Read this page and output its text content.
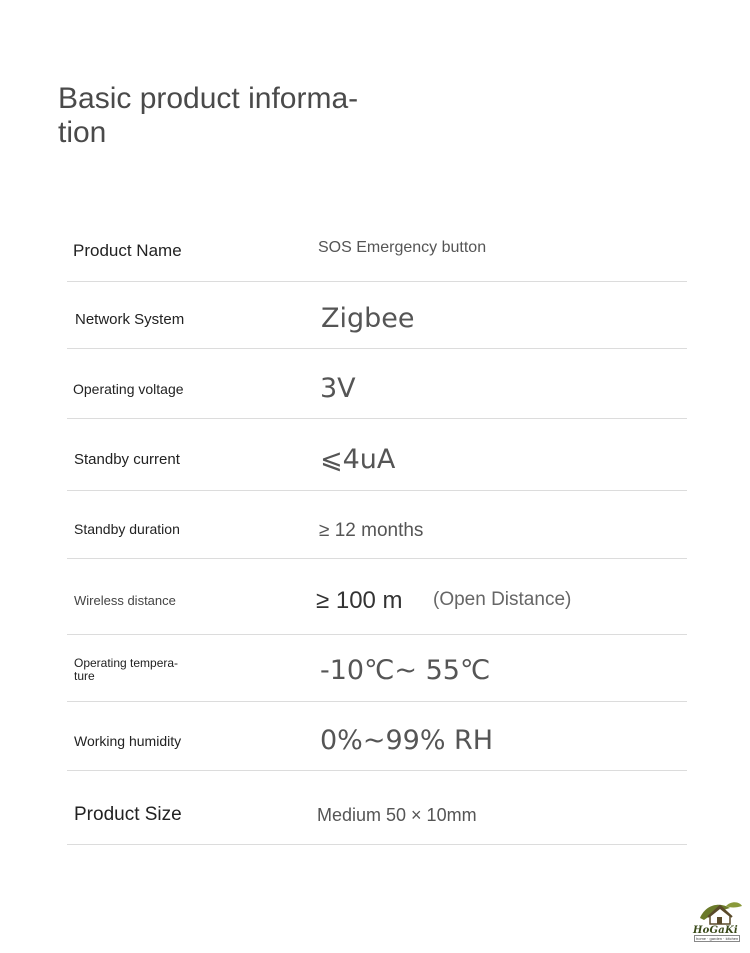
Basic product informa-
tion
Product Name	SOS Emergency button
Network System	Zigbee
Operating voltage	3V
Standby current	⩽4uA
Standby duration	≥ 12 months
Wireless distance	≥ 100 m (Open Distance)
Operating tempera-
ture	-10℃~ 55℃
Working humidity	0%~99% RH
Product Size	Medium 50 × 10mm
HoGaKi
home · garden · kitchen
